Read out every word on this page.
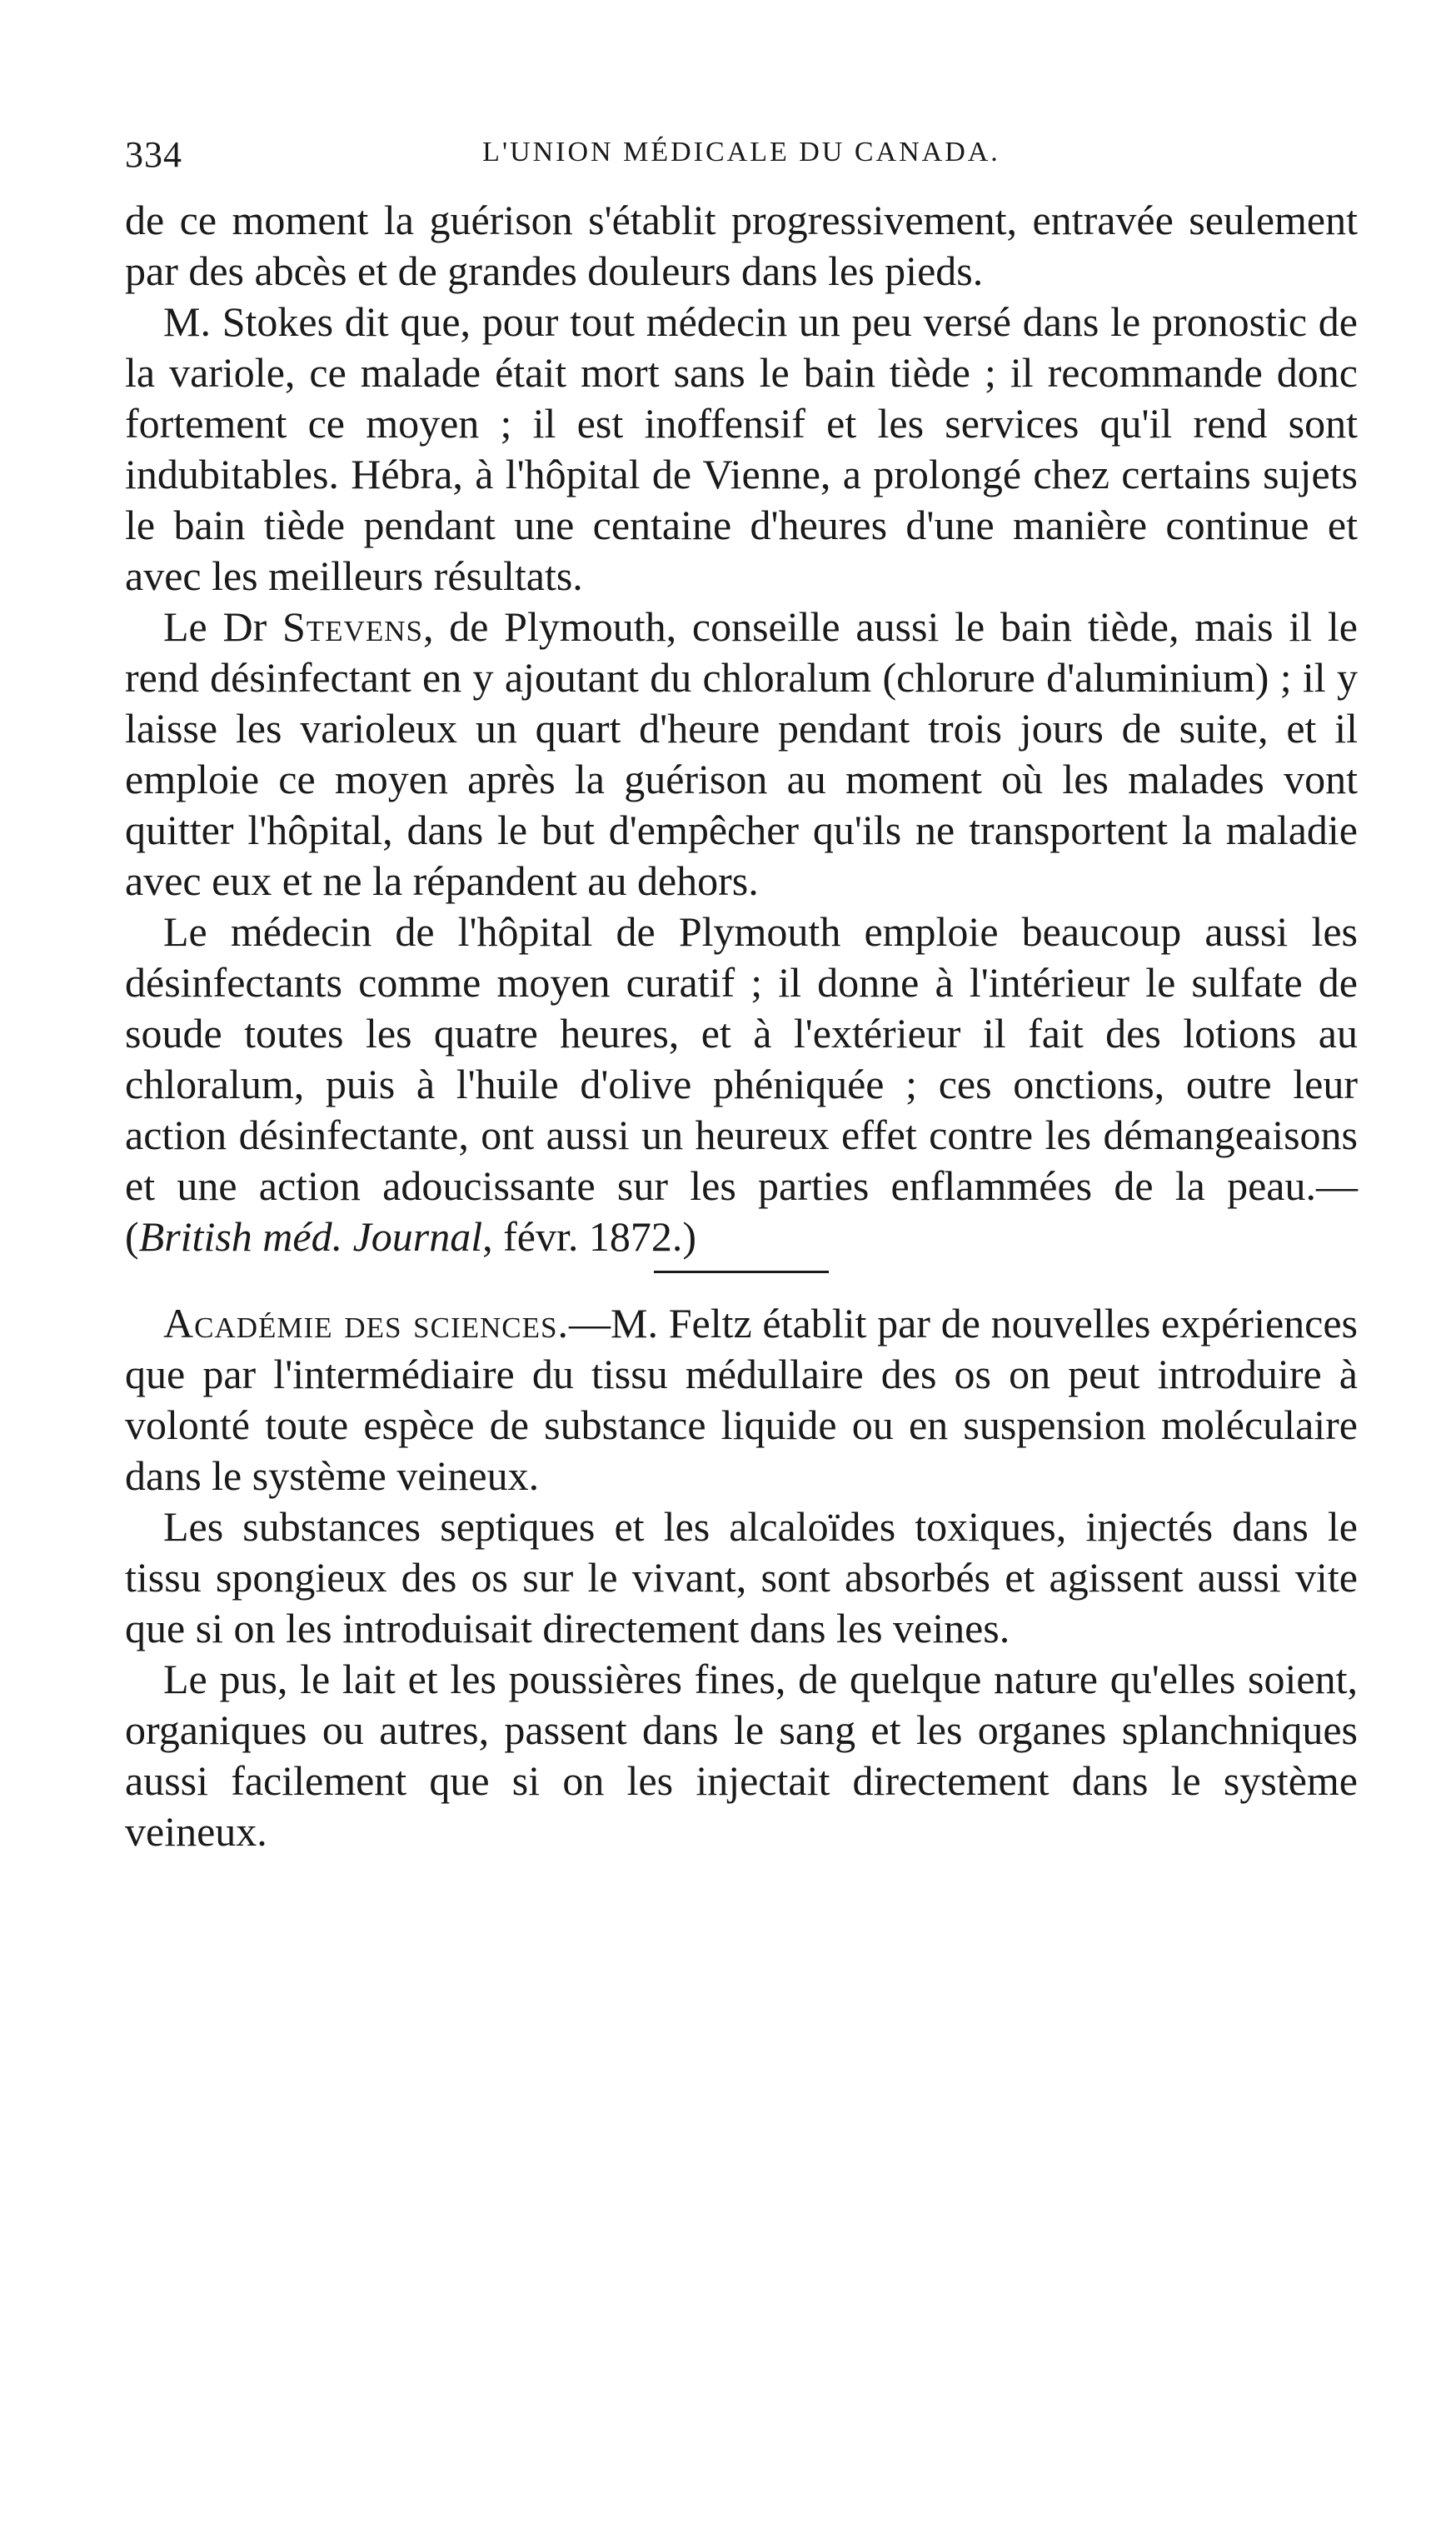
334	L'UNION MÉDICALE DU CANADA.

de ce moment la guérison s'établit progressivement, entravée seulement par des abcès et de grandes douleurs dans les pieds.

M. Stokes dit que, pour tout médecin un peu versé dans le pronostic de la variole, ce malade était mort sans le bain tiède ; il recommande donc fortement ce moyen ; il est inoffensif et les services qu'il rend sont indubitables. Hébra, à l'hôpital de Vienne, a prolongé chez certains sujets le bain tiède pendant une centaine d'heures d'une manière continue et avec les meilleurs résultats.

Le Dr Stevens, de Plymouth, conseille aussi le bain tiède, mais il le rend désinfectant en y ajoutant du chloralum (chlorure d'aluminium) ; il y laisse les varioleux un quart d'heure pendant trois jours de suite, et il emploie ce moyen après la guérison au moment où les malades vont quitter l'hôpital, dans le but d'empêcher qu'ils ne transportent la maladie avec eux et ne la répandent au dehors.

Le médecin de l'hôpital de Plymouth emploie beaucoup aussi les désinfectants comme moyen curatif ; il donne à l'intérieur le sulfate de soude toutes les quatre heures, et à l'extérieur il fait des lotions au chloralum, puis à l'huile d'olive phéniquée ; ces onctions, outre leur action désinfectante, ont aussi un heureux effet contre les démangeaisons et une action adoucissante sur les parties enflammées de la peau.— (British méd. Journal, févr. 1872.)

Académie des sciences.—M. Feltz établit par de nouvelles expériences que par l'intermédiaire du tissu médullaire des os on peut introduire à volonté toute espèce de substance liquide ou en suspension moléculaire dans le système veineux.

Les substances septiques et les alcaloïdes toxiques, injectés dans le tissu spongieux des os sur le vivant, sont absorbés et agissent aussi vite que si on les introduisait directement dans les veines.

Le pus, le lait et les poussières fines, de quelque nature qu'elles soient, organiques ou autres, passent dans le sang et les organes splanchniques aussi facilement que si on les injectait directement dans le système veineux.
